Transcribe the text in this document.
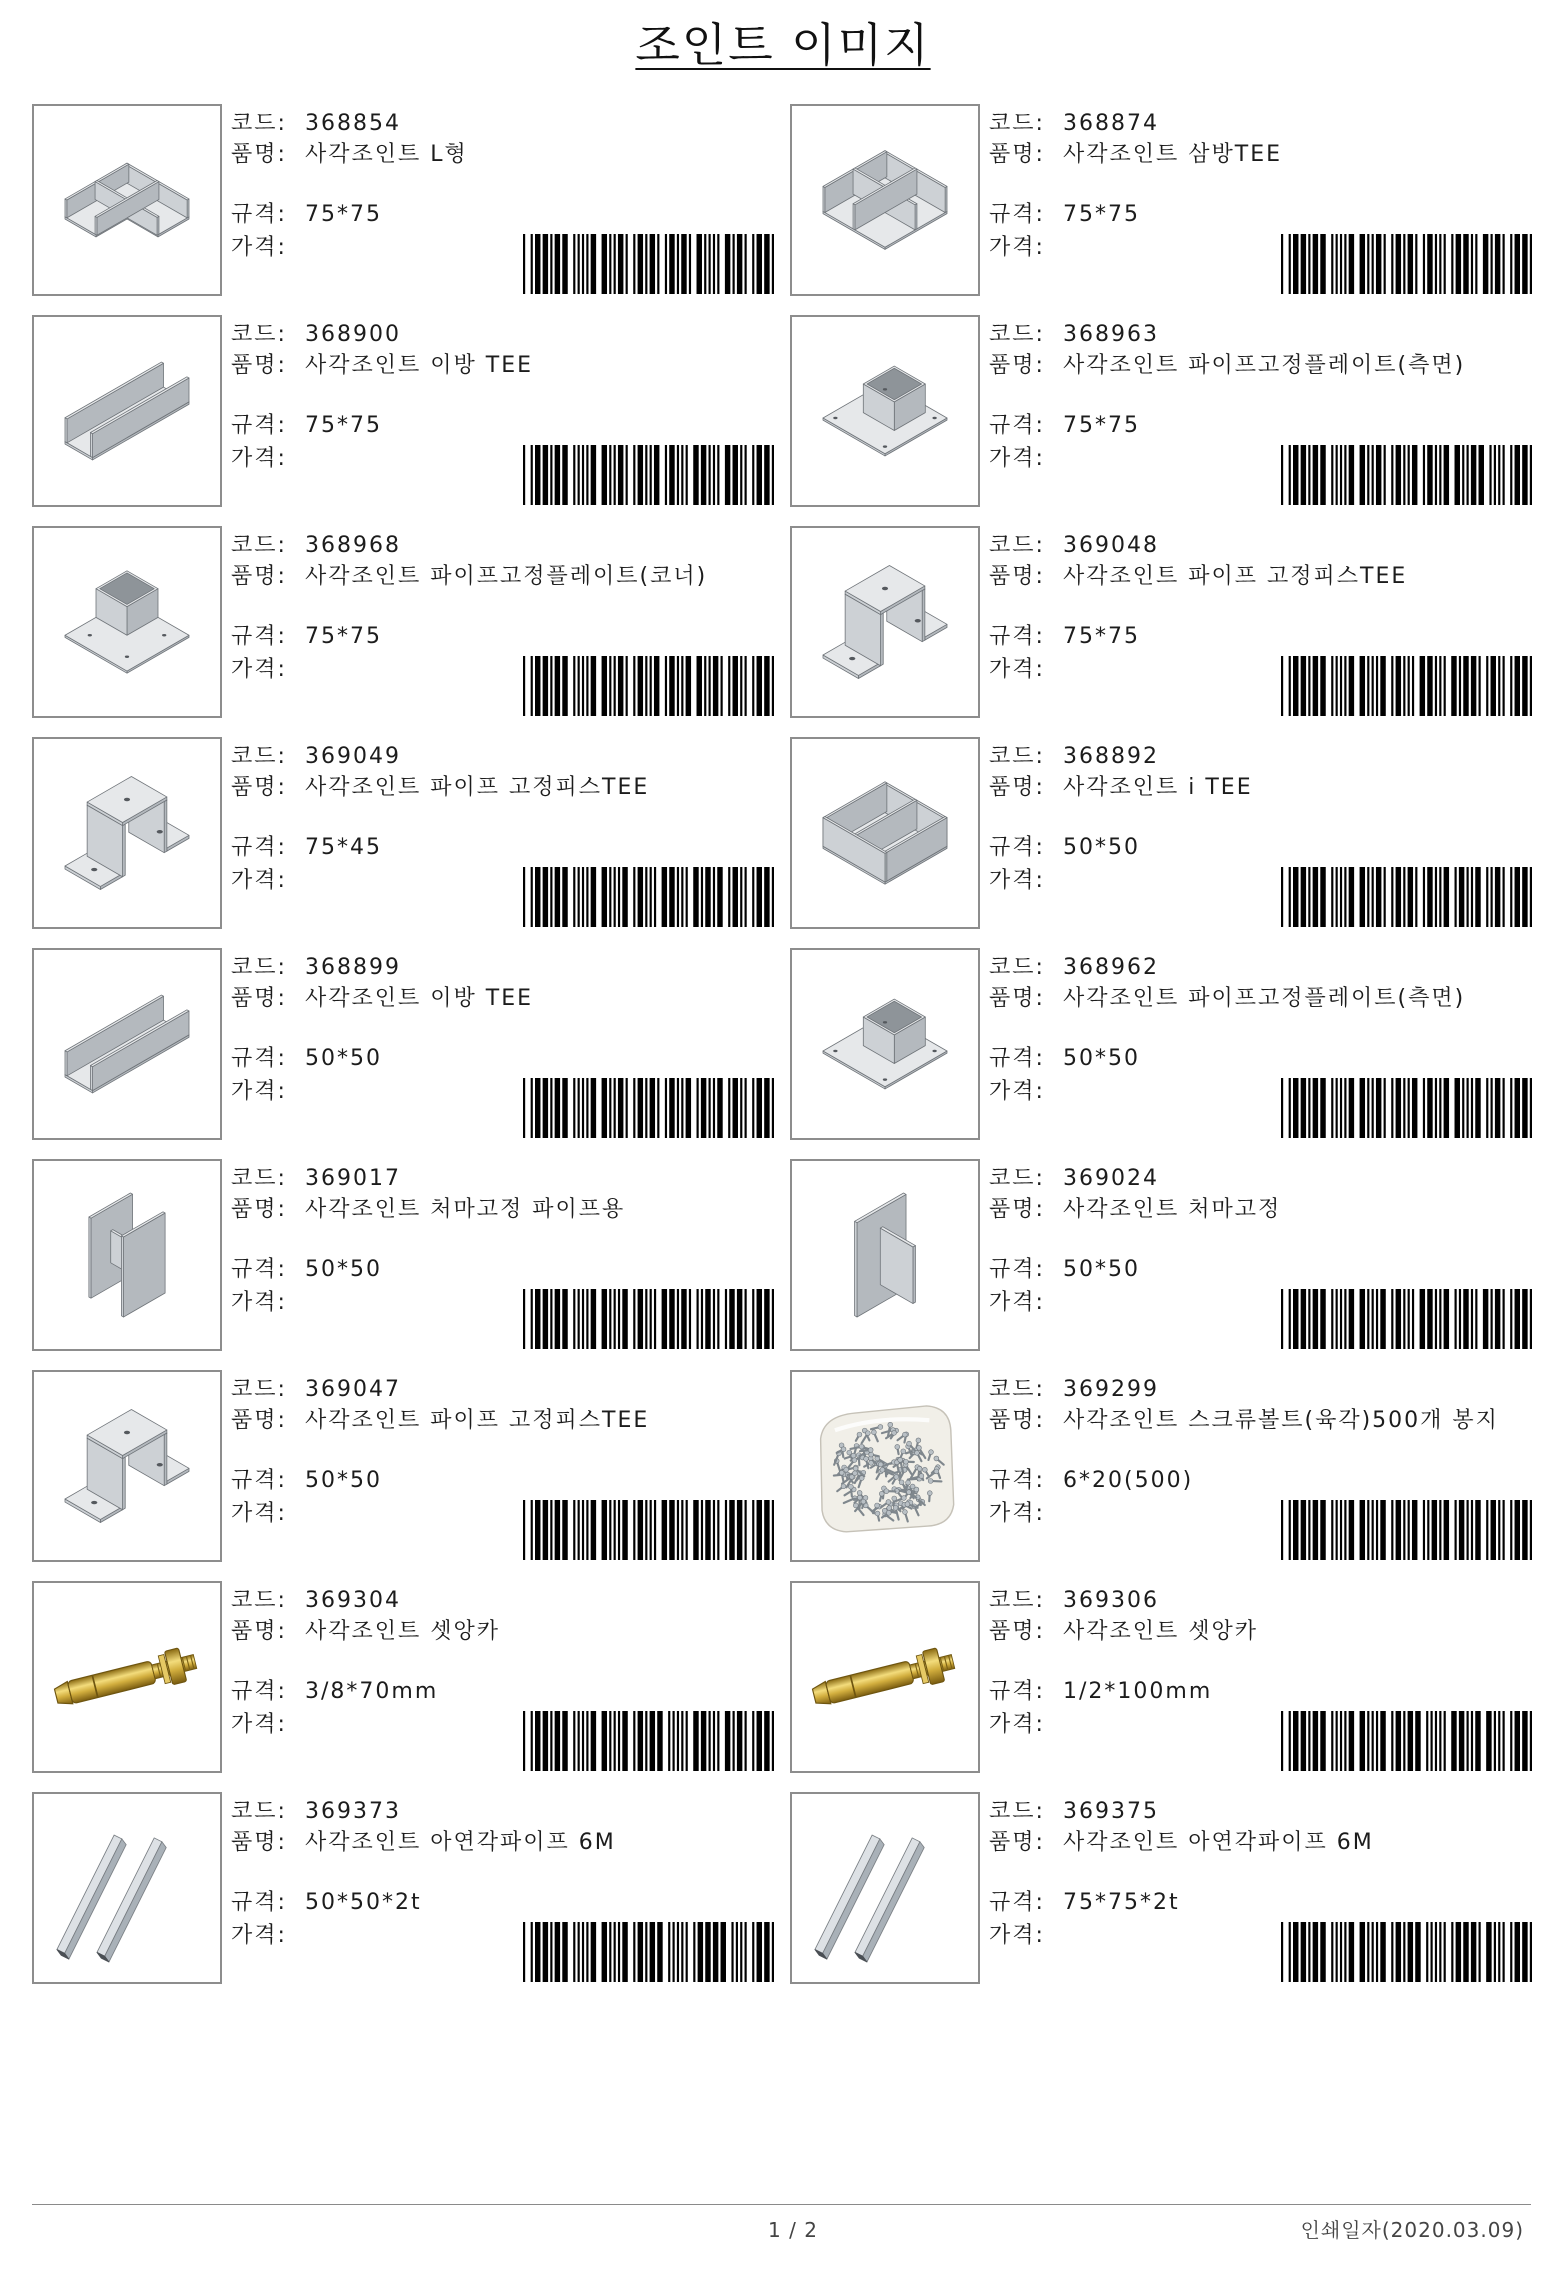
조인트 이미지
코드: 368854
품명: 사각조인트 L형
규격: 75*75
가격:
코드: 368874
품명: 사각조인트 삼방TEE
규격: 75*75
가격:
코드: 368900
품명: 사각조인트 이방 TEE
규격: 75*75
가격:
코드: 368963
품명: 사각조인트 파이프고정플레이트(측면)
규격: 75*75
가격:
코드: 368968
품명: 사각조인트 파이프고정플레이트(코너)
규격: 75*75
가격:
코드: 369048
품명: 사각조인트 파이프 고정피스TEE
규격: 75*75
가격:
코드: 369049
품명: 사각조인트 파이프 고정피스TEE
규격: 75*45
가격:
코드: 368892
품명: 사각조인트 i TEE
규격: 50*50
가격:
코드: 368899
품명: 사각조인트 이방 TEE
규격: 50*50
가격:
코드: 368962
품명: 사각조인트 파이프고정플레이트(측면)
규격: 50*50
가격:
코드: 369017
품명: 사각조인트 처마고정 파이프용
규격: 50*50
가격:
코드: 369024
품명: 사각조인트 처마고정
규격: 50*50
가격:
코드: 369047
품명: 사각조인트 파이프 고정피스TEE
규격: 50*50
가격:
코드: 369299
품명: 사각조인트 스크류볼트(육각)500개 봉지
규격: 6*20(500)
가격:
코드: 369304
품명: 사각조인트 셋앙카
규격: 3/8*70mm
가격:
코드: 369306
품명: 사각조인트 셋앙카
규격: 1/2*100mm
가격:
코드: 369373
품명: 사각조인트 아연각파이프 6M
규격: 50*50*2t
가격:
코드: 369375
품명: 사각조인트 아연각파이프 6M
규격: 75*75*2t
가격:
1 / 2	인쇄일자(2020.03.09)
